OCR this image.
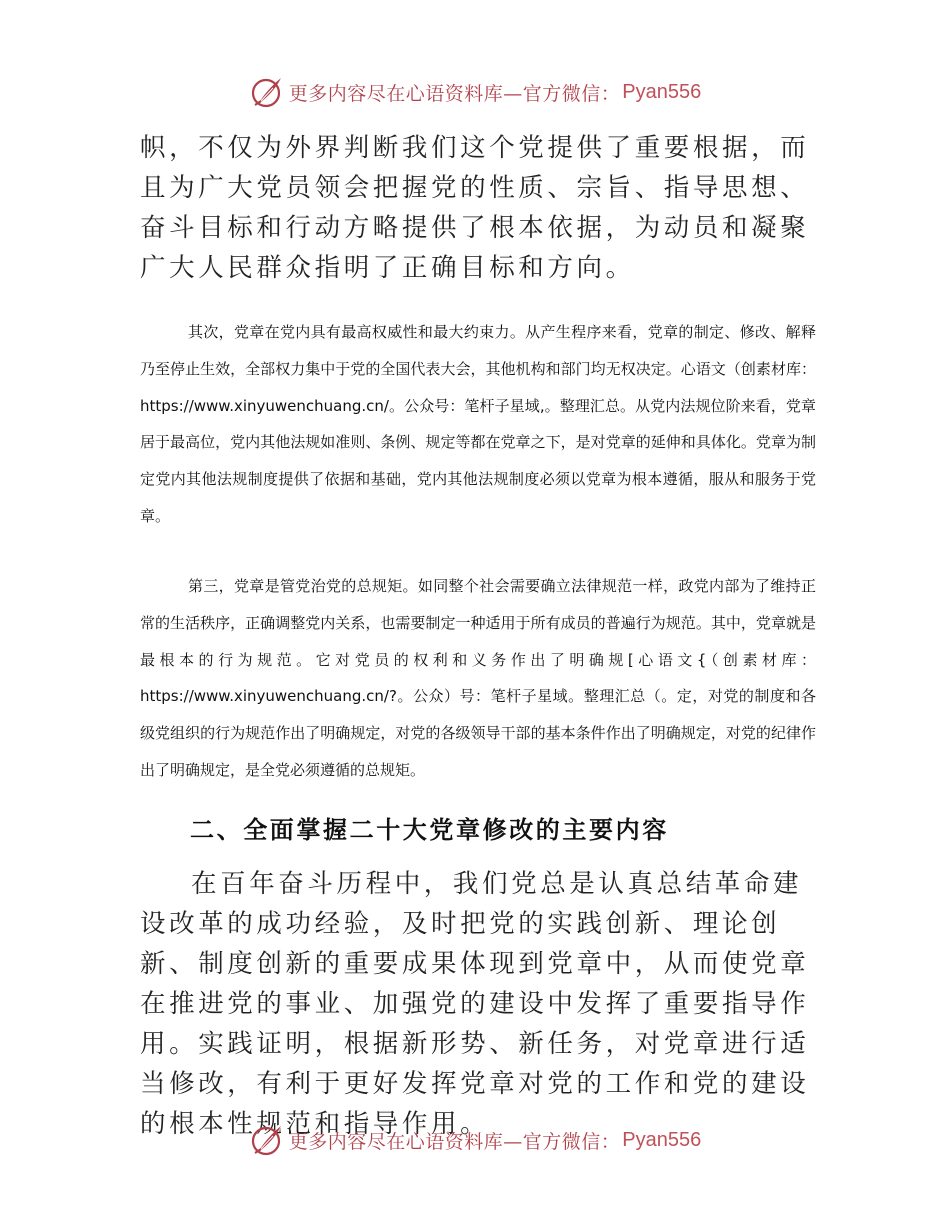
更多内容尽在心语资料库—官方微信： Pyan556

帜，不仅为外界判断我们这个党提供了重要根据，而且为广大党员领会把握党的性质、宗旨、指导思想、奋斗目标和行动方略提供了根本依据，为动员和凝聚广大人民群众指明了正确目标和方向。

其次，党章在党内具有最高权威性和最大约束力。从产生程序来看，党章的制定、修改、解释乃至停止生效，全部权力集中于党的全国代表大会，其他机构和部门均无权决定。心语文（创素材库：https://www.xinyuwenchuang.cn/。公众号：笔杆子星域,。整理汇总。从党内法规位阶来看，党章居于最高位，党内其他法规如准则、条例、规定等都在党章之下，是对党章的延伸和具体化。党章为制定党内其他法规制度提供了依据和基础，党内其他法规制度必须以党章为根本遵循，服从和服务于党章。

第三，党章是管党治党的总规矩。如同整个社会需要确立法律规范一样，政党内部为了维持正常的生活秩序，正确调整党内关系，也需要制定一种适用于所有成员的普遍行为规范。其中，党章就是最根本的行为规范。它对党员的权利和义务作出了明确规[心语文{（创素材库：https://www.xinyuwenchuang.cn/?。公众）号：笔杆子星域。整理汇总（。定，对党的制度和各级党组织的行为规范作出了明确规定，对党的各级领导干部的基本条件作出了明确规定，对党的纪律作出了明确规定，是全党必须遵循的总规矩。

二、全面掌握二十大党章修改的主要内容

在百年奋斗历程中，我们党总是认真总结革命建设改革的成功经验，及时把党的实践创新、理论创新、制度创新的重要成果体现到党章中，从而使党章在推进党的事业、加强党的建设中发挥了重要指导作用。实践证明，根据新形势、新任务，对党章进行适当修改，有利于更好发挥党章对党的工作和党的建设的根本性规范和指导作用。

更多内容尽在心语资料库—官方微信： Pyan556
